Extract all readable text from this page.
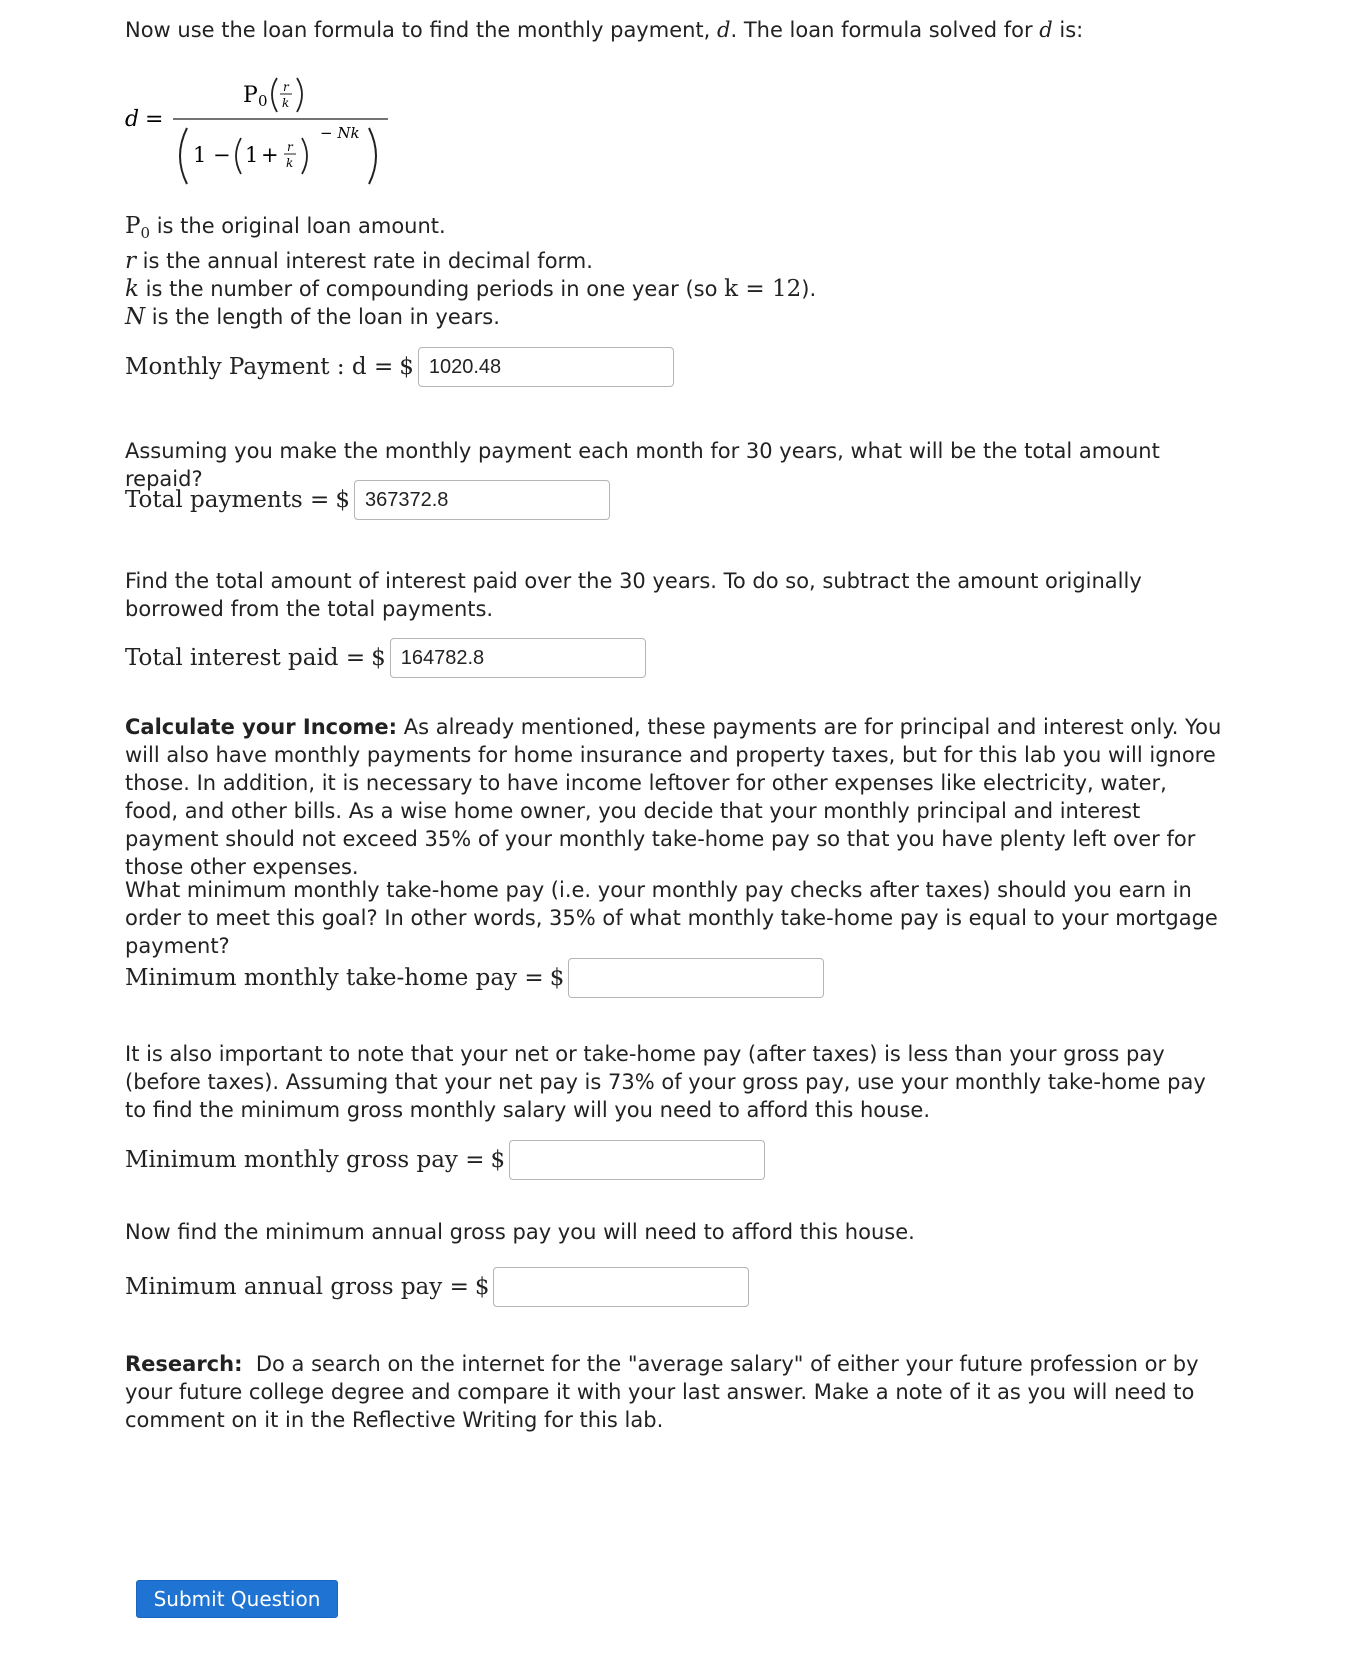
Now use the loan formula to find the monthly payment, d. The loan formula solved for d is:

d =
P 0
r
k
1 − 1 + r
k
− Nk

$P_0$ is the original loan amount.

r is the annual interest rate in decimal form.

k is the number of compounding periods in one year (so k = 12).

N is the length of the loan in years.

Monthly Payment : d = $
1020.48

Assuming you make the monthly payment each month for 30 years, what will be the total amount repaid?

Total payments = $
367372.8

Find the total amount of interest paid over the 30 years. To do so, subtract the amount originally borrowed from the total payments.

Total interest paid = $
164782.8

Calculate your Income: As already mentioned, these payments are for principal and interest only. You will also have monthly payments for home insurance and property taxes, but for this lab you will ignore those. In addition, it is necessary to have income leftover for other expenses like electricity, water, food, and other bills. As a wise home owner, you decide that your monthly principal and interest payment should not exceed 35% of your monthly take-home pay so that you have plenty left over for those other expenses.

What minimum monthly take-home pay (i.e. your monthly pay checks after taxes) should you earn in order to meet this goal? In other words, 35% of what monthly take-home pay is equal to your mortgage payment?

Minimum monthly take-home pay = $

It is also important to note that your net or take-home pay (after taxes) is less than your gross pay (before taxes). Assuming that your net pay is 73% of your gross pay, use your monthly take-home pay to find the minimum gross monthly salary will you need to afford this house.

Minimum monthly gross pay = $

Now find the minimum annual gross pay you will need to afford this house.

Minimum annual gross pay = $

Research:  Do a search on the internet for the "average salary" of either your future profession or by your future college degree and compare it with your last answer. Make a note of it as you will need to comment on it in the Reflective Writing for this lab.

Submit Question
